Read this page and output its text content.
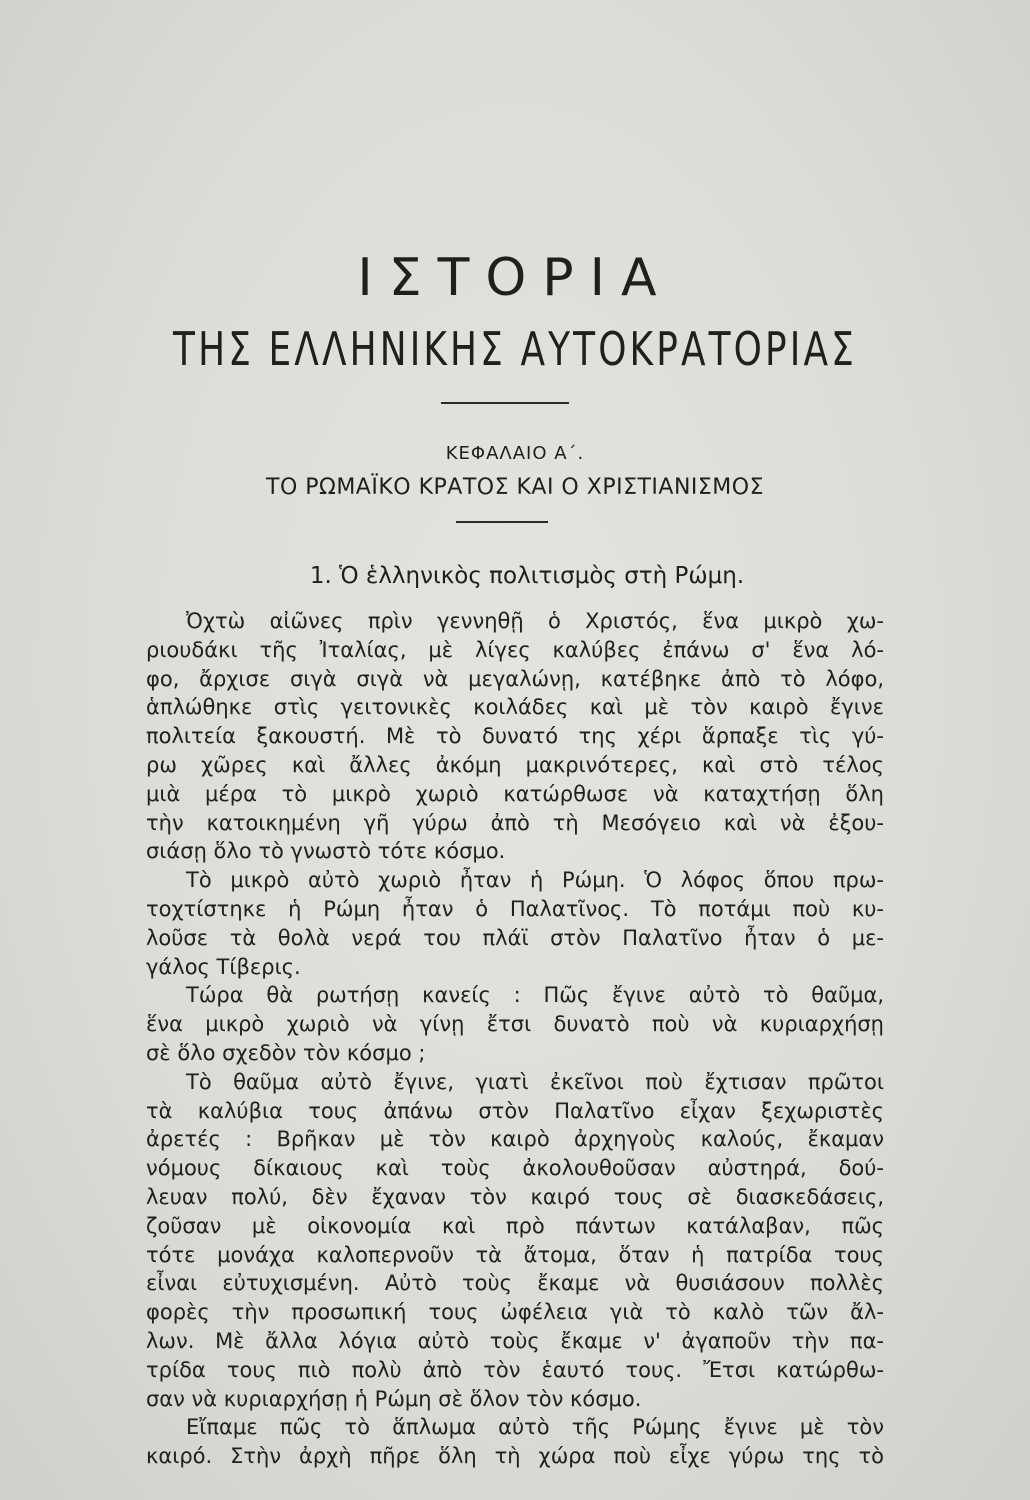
ΙΣΤΟΡΙΑ
ΤΗΣ ΕΛΛΗΝΙΚΗΣ ΑΥΤΟΚΡΑΤΟΡΙΑΣ
ΚΕΦΑΛΑΙΟ Α΄.
ΤΟ ΡΩΜΑΪΚΟ ΚΡΑΤΟΣ ΚΑΙ Ο ΧΡΙΣΤΙΑΝΙΣΜΟΣ
1. Ὁ ἑλληνικὸς πολιτισμὸς στὴ Ρώμη.
Ὀχτὼ αἰῶνες πρὶν γεννηθῇ ὁ Χριστός, ἕνα μικρὸ χω-
ριουδάκι τῆς Ἰταλίας, μὲ λίγες καλύβες ἐπάνω σ' ἕνα λό-
φο, ἄρχισε σιγὰ σιγὰ νὰ μεγαλώνῃ, κατέβηκε ἀπὸ τὸ λόφο,
ἁπλώθηκε στὶς γειτονικὲς κοιλάδες καὶ μὲ τὸν καιρὸ ἔγινε
πολιτεία ξακουστή. Μὲ τὸ δυνατό της χέρι ἅρπαξε τὶς γύ-
ρω χῶρες καὶ ἄλλες ἀκόμη μακρινότερες, καὶ στὸ τέλος
μιὰ μέρα τὸ μικρὸ χωριὸ κατώρθωσε νὰ καταχτήσῃ ὅλη
τὴν κατοικημένη γῆ γύρω ἀπὸ τὴ Μεσόγειο καὶ νὰ ἐξου-
σιάσῃ ὅλο τὸ γνωστὸ τότε κόσμο.
Τὸ μικρὸ αὐτὸ χωριὸ ἦταν ἡ Ρώμη. Ὁ λόφος ὅπου πρω-
τοχτίστηκε ἡ Ρώμη ἦταν ὁ Παλατῖνος. Τὸ ποτάμι ποὺ κυ-
λοῦσε τὰ θολὰ νερά του πλάϊ στὸν Παλατῖνο ἦταν ὁ με-
γάλος Τίβερις.
Τώρα θὰ ρωτήσῃ κανείς : Πῶς ἔγινε αὐτὸ τὸ θαῦμα,
ἕνα μικρὸ χωριὸ νὰ γίνῃ ἔτσι δυνατὸ ποὺ νὰ κυριαρχήσῃ
σὲ ὅλο σχεδὸν τὸν κόσμο ;
Τὸ θαῦμα αὐτὸ ἔγινε, γιατὶ ἐκεῖνοι ποὺ ἔχτισαν πρῶτοι
τὰ καλύβια τους ἀπάνω στὸν Παλατῖνο εἶχαν ξεχωριστὲς
ἀρετές : Βρῆκαν μὲ τὸν καιρὸ ἀρχηγοὺς καλούς, ἔκαμαν
νόμους δίκαιους καὶ τοὺς ἀκολουθοῦσαν αὐστηρά, δού-
λευαν πολύ, δὲν ἔχαναν τὸν καιρό τους σὲ διασκεδάσεις,
ζοῦσαν μὲ οἰκονομία καὶ πρὸ πάντων κατάλαβαν, πῶς
τότε μονάχα καλοπερνοῦν τὰ ἄτομα, ὅταν ἡ πατρίδα τους
εἶναι εὐτυχισμένη. Αὐτὸ τοὺς ἔκαμε νὰ θυσιάσουν πολλὲς
φορὲς τὴν προσωπική τους ὠφέλεια γιὰ τὸ καλὸ τῶν ἄλ-
λων. Μὲ ἄλλα λόγια αὐτὸ τοὺς ἔκαμε ν' ἀγαποῦν τὴν πα-
τρίδα τους πιὸ πολὺ ἀπὸ τὸν ἑαυτό τους. Ἔτσι κατώρθω-
σαν νὰ κυριαρχήσῃ ἡ Ρώμη σὲ ὅλον τὸν κόσμο.
Εἴπαμε πῶς τὸ ἅπλωμα αὐτὸ τῆς Ρώμης ἔγινε μὲ τὸν
καιρό. Στὴν ἀρχὴ πῆρε ὅλη τὴ χώρα ποὺ εἶχε γύρω της τὸ
